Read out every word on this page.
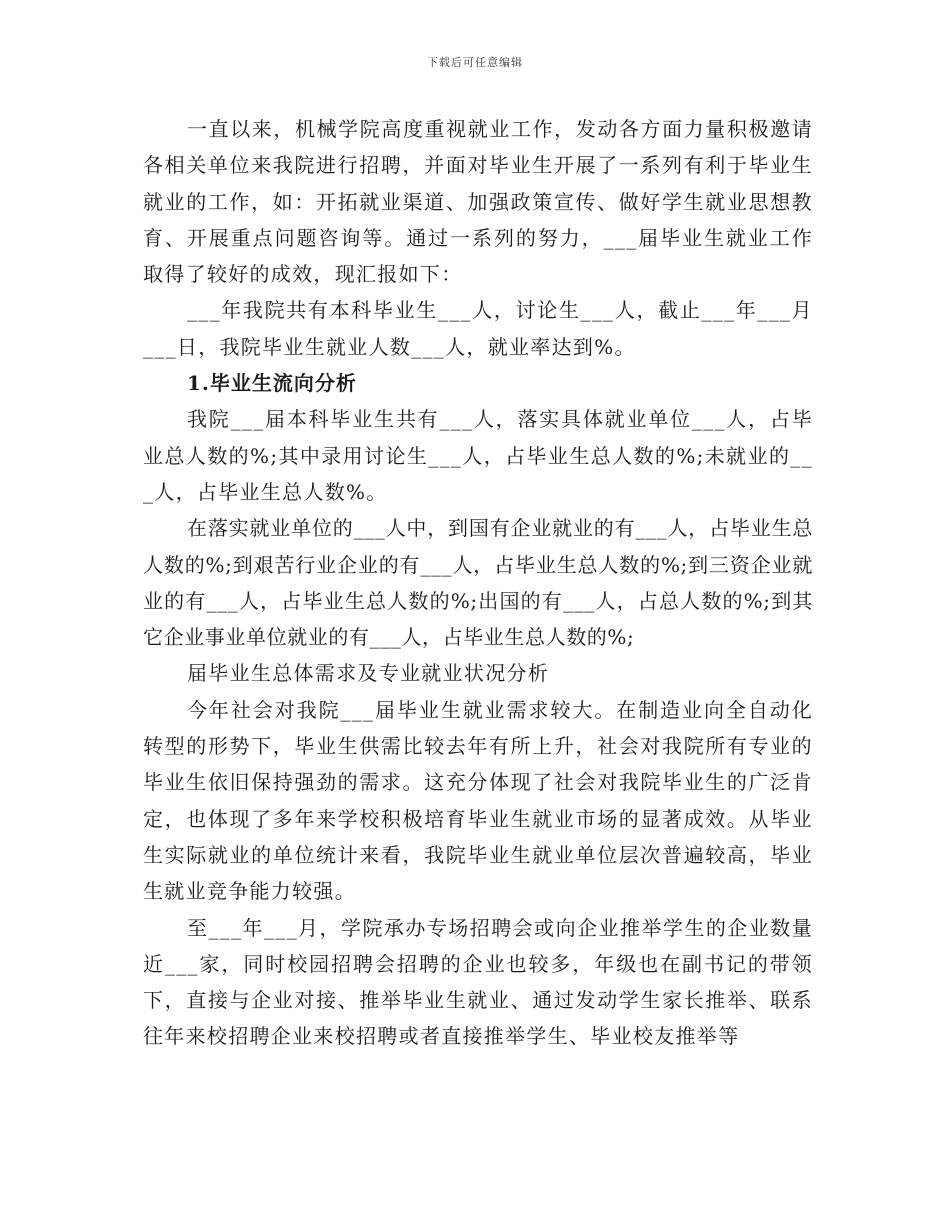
下载后可任意编辑

一直以来，机械学院高度重视就业工作，发动各方面力量积极邀请各相关单位来我院进行招聘，并面对毕业生开展了一系列有利于毕业生就业的工作，如：开拓就业渠道、加强政策宣传、做好学生就业思想教育、开展重点问题咨询等。通过一系列的努力，___届毕业生就业工作取得了较好的成效，现汇报如下：

___年我院共有本科毕业生___人，讨论生___人，截止___年___月___日，我院毕业生就业人数___人，就业率达到%。

1.毕业生流向分析

我院___届本科毕业生共有___人，落实具体就业单位___人，占毕业总人数的%;其中录用讨论生___人，占毕业生总人数的%;未就业的___人，占毕业生总人数%。

在落实就业单位的___人中，到国有企业就业的有___人，占毕业生总人数的%;到艰苦行业企业的有___人，占毕业生总人数的%;到三资企业就业的有___人，占毕业生总人数的%;出国的有___人，占总人数的%;到其它企业事业单位就业的有___人，占毕业生总人数的%;

届毕业生总体需求及专业就业状况分析

今年社会对我院___届毕业生就业需求较大。在制造业向全自动化转型的形势下，毕业生供需比较去年有所上升，社会对我院所有专业的毕业生依旧保持强劲的需求。这充分体现了社会对我院毕业生的广泛肯定，也体现了多年来学校积极培育毕业生就业市场的显著成效。从毕业生实际就业的单位统计来看，我院毕业生就业单位层次普遍较高，毕业生就业竞争能力较强。

至___年___月，学院承办专场招聘会或向企业推举学生的企业数量近___家，同时校园招聘会招聘的企业也较多，年级也在副书记的带领下，直接与企业对接、推举毕业生就业、通过发动学生家长推举、联系往年来校招聘企业来校招聘或者直接推举学生、毕业校友推举等
